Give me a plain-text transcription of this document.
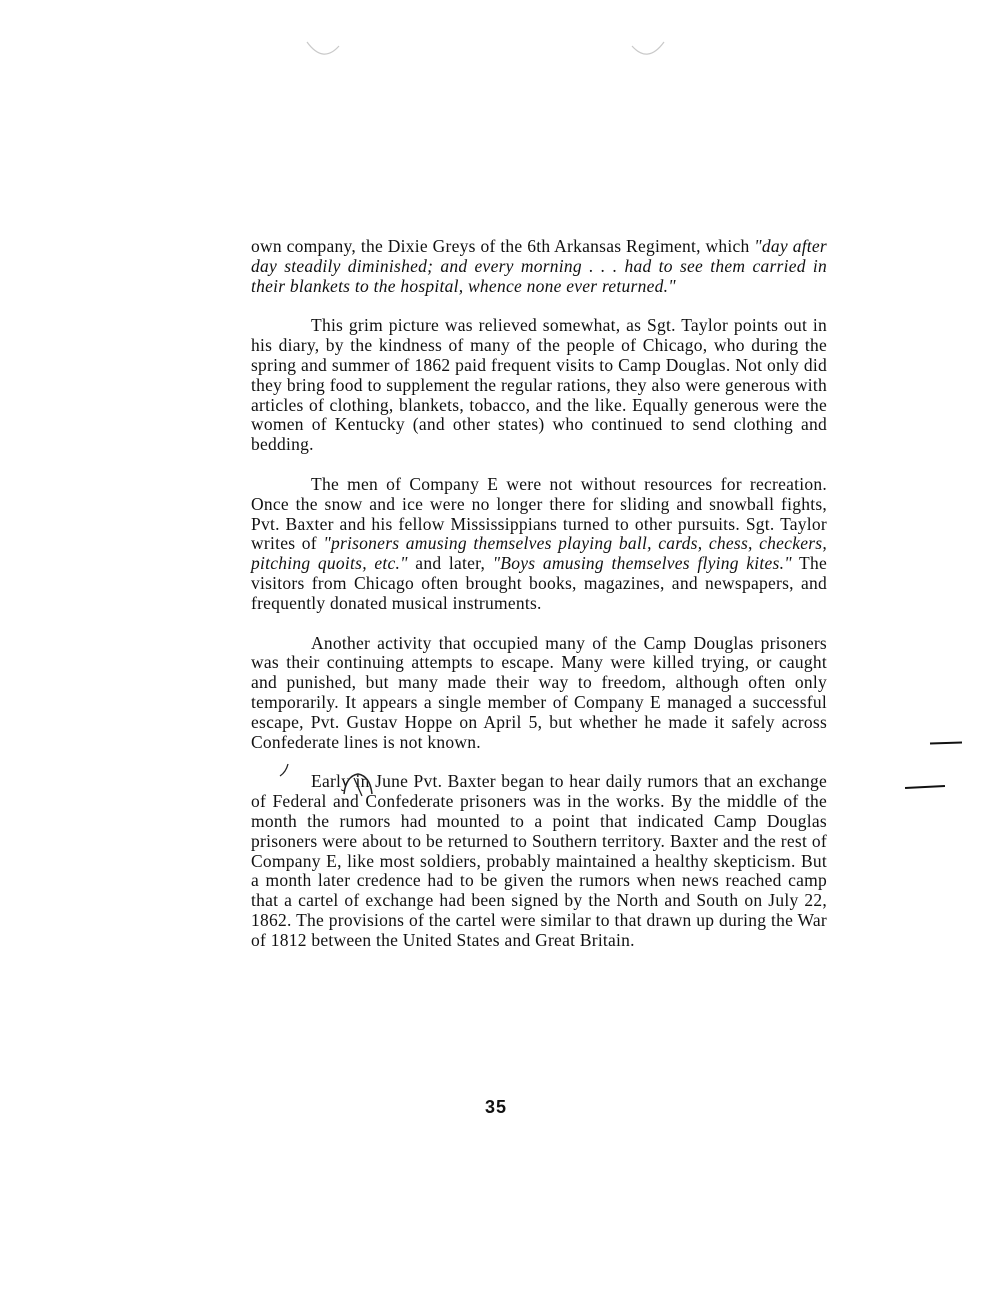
own company, the Dixie Greys of the 6th Arkansas Regiment, which "day after day steadily diminished; and every morning . . . had to see them carried in their blankets to the hospital, whence none ever returned."

This grim picture was relieved somewhat, as Sgt. Taylor points out in his diary, by the kindness of many of the people of Chicago, who during the spring and summer of 1862 paid frequent visits to Camp Douglas. Not only did they bring food to supplement the regular rations, they also were generous with articles of clothing, blankets, tobacco, and the like. Equally generous were the women of Kentucky (and other states) who continued to send clothing and bedding.

The men of Company E were not without resources for recreation. Once the snow and ice were no longer there for sliding and snowball fights, Pvt. Baxter and his fellow Mississippians turned to other pursuits. Sgt. Taylor writes of "prisoners amusing themselves playing ball, cards, chess, checkers, pitching quoits, etc." and later, "Boys amusing themselves flying kites." The visitors from Chicago often brought books, magazines, and newspapers, and frequently donated musical instruments.

Another activity that occupied many of the Camp Douglas prisoners was their continuing attempts to escape. Many were killed trying, or caught and punished, but many made their way to freedom, although often only temporarily. It appears a single member of Company E managed a successful escape, Pvt. Gustav Hoppe on April 5, but whether he made it safely across Confederate lines is not known.

Early in June Pvt. Baxter began to hear daily rumors that an exchange of Federal and Confederate prisoners was in the works. By the middle of the month the rumors had mounted to a point that indicated Camp Douglas prisoners were about to be returned to Southern territory. Baxter and the rest of Company E, like most soldiers, probably maintained a healthy skepticism. But a month later credence had to be given the rumors when news reached camp that a cartel of exchange had been signed by the North and South on July 22, 1862. The provisions of the cartel were similar to that drawn up during the War of 1812 between the United States and Great Britain.

35
